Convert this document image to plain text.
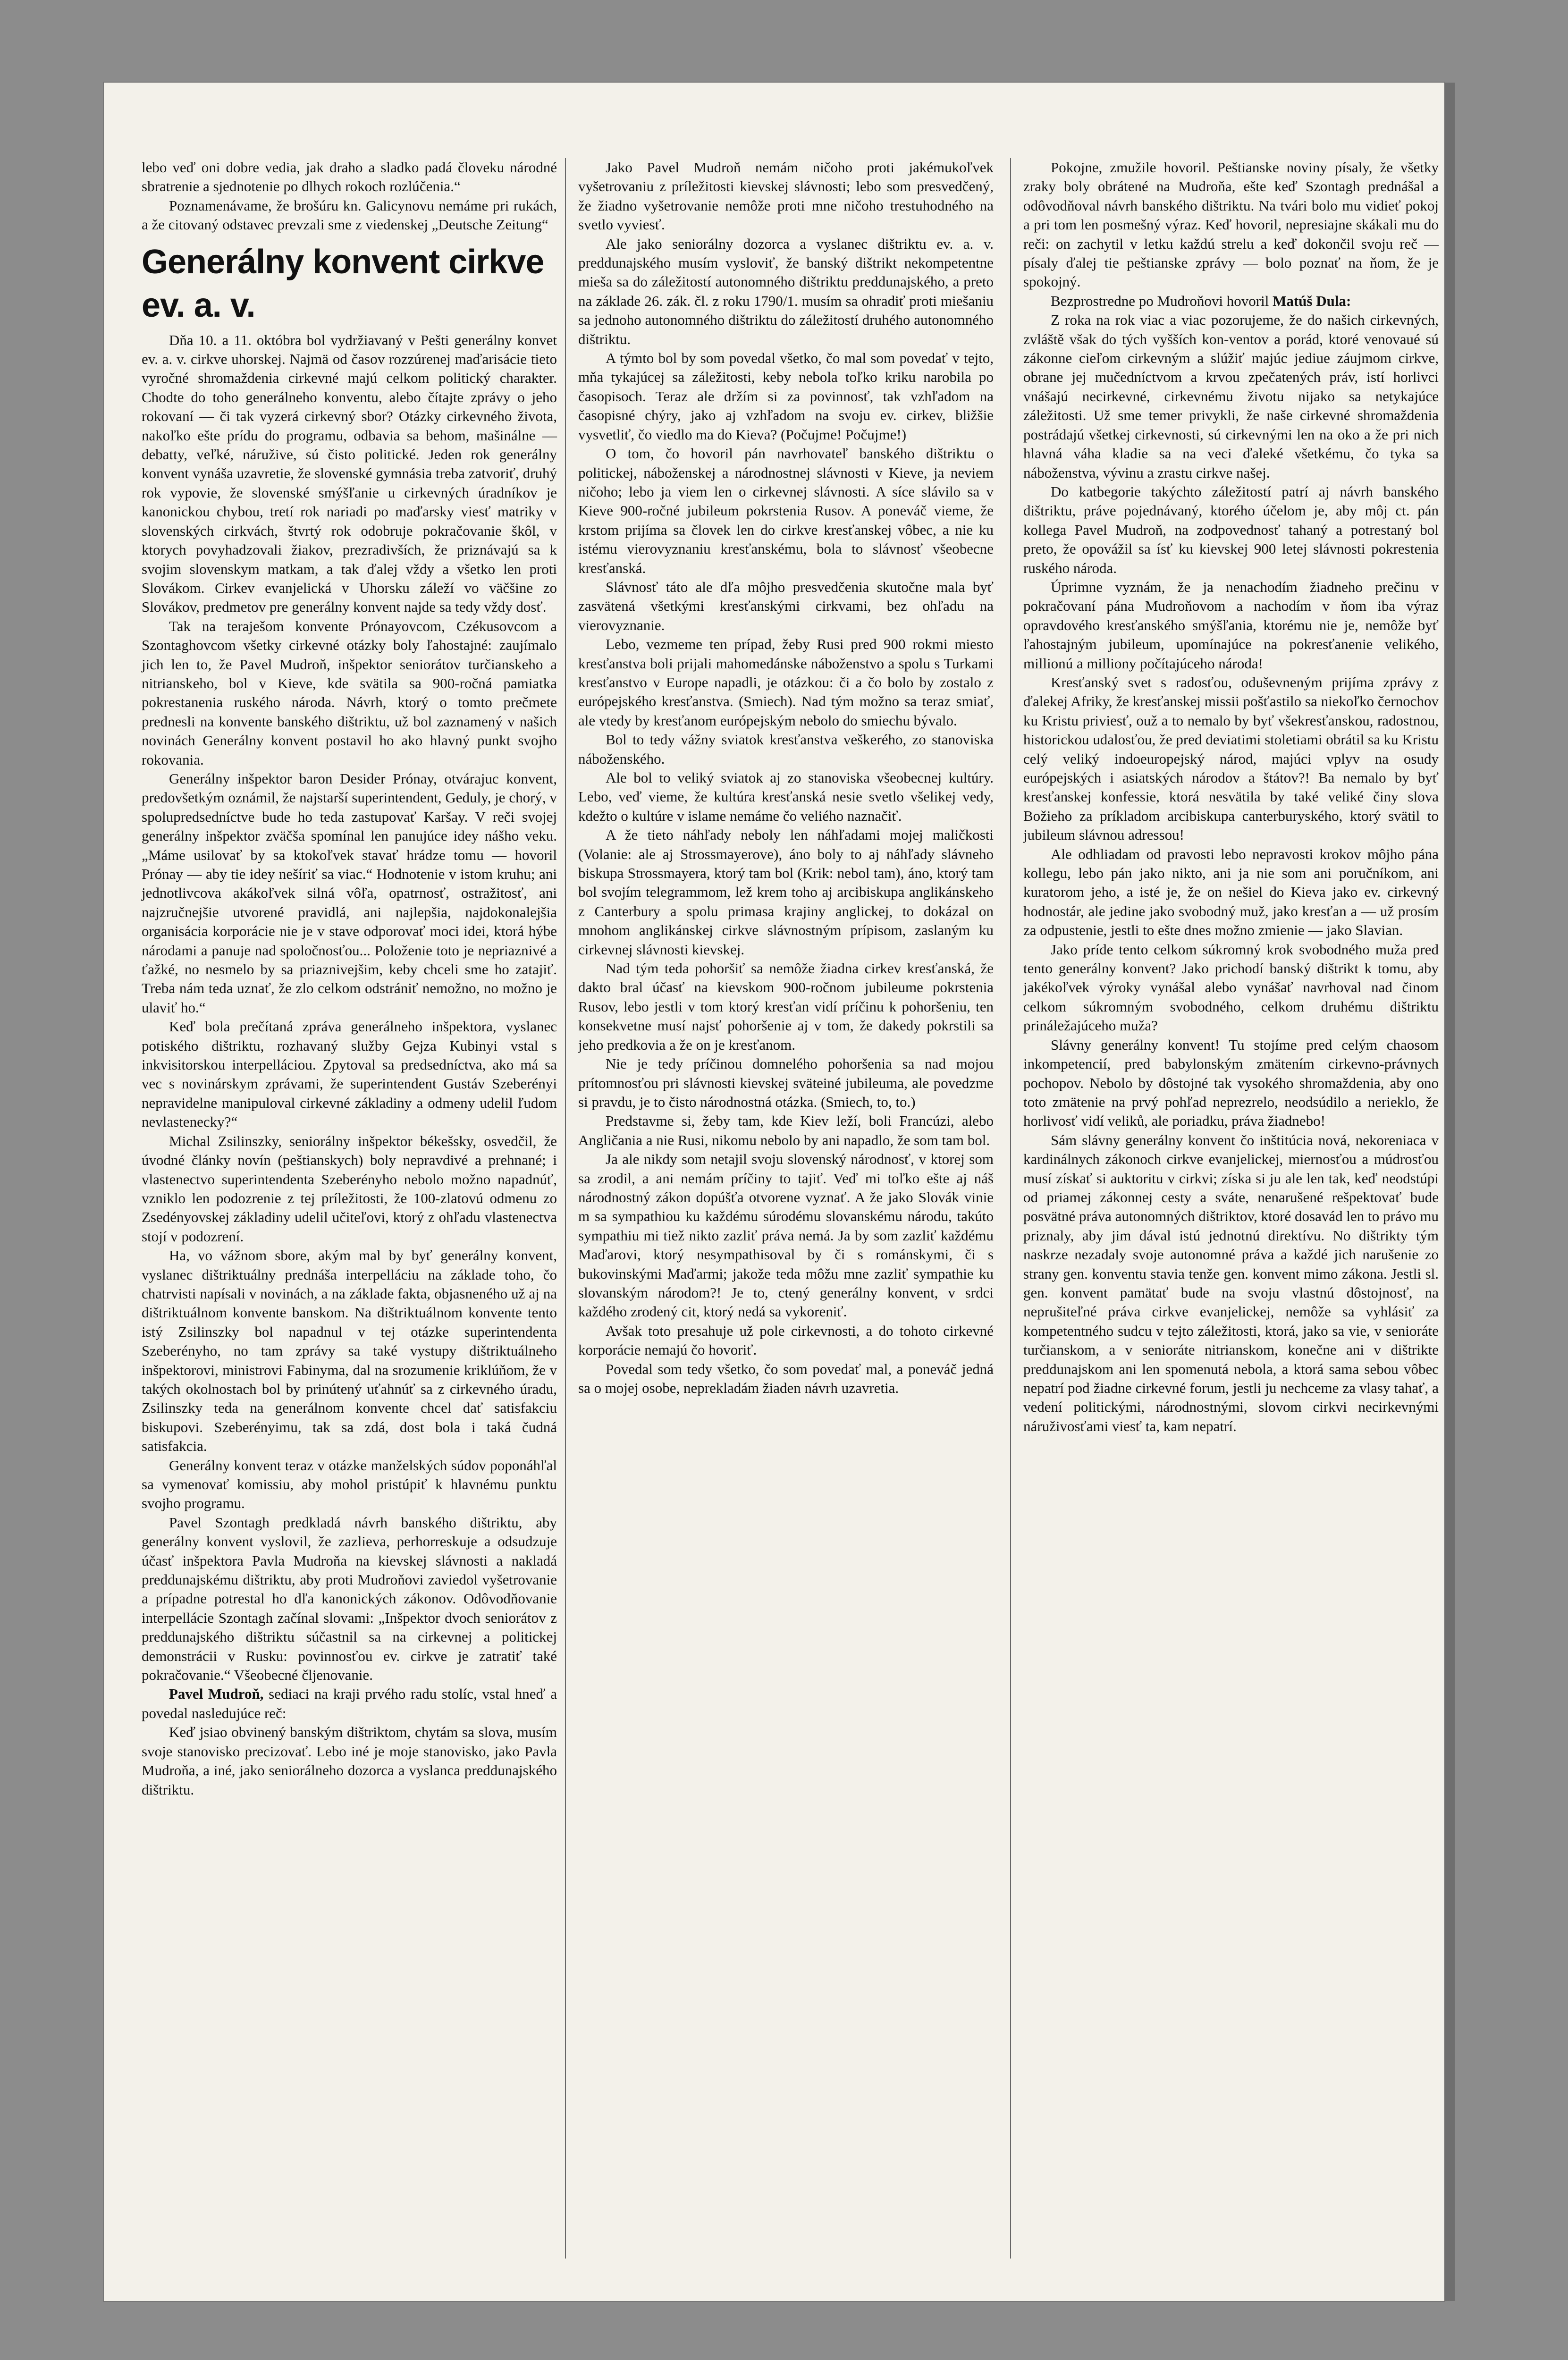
lebo veď oni dobre vedia, jak draho a sladko padá človeku národné sbratrenie a sjednotenie po dlhych rokoch rozlúčenia.“

Poznamenávame, že brošúru kn. Galicynovu nemáme pri rukách, a že citovaný odstavec prevzali sme z viedenskej „Deutsche Zeitung“

Generálny konvent cirkve ev. a. v.

Dňa 10. a 11. októbra bol vydržiavaný v Pešti generálny konvet ev. a. v. cirkve uhorskej. Najmä od časov rozzúrenej maďarisácie tieto vyročné shromaždenia cirkevné majú celkom politický charakter. Chodte do toho generálneho konventu, alebo čítajte zprávy o jeho rokovaní — či tak vyzerá cirkevný sbor? Otázky cirkevného života, nakoľko ešte prídu do programu, odbavia sa behom, mašinálne — debatty, veľké, náružive, sú čisto politické. Jeden rok generálny konvent vynáša uzavretie, že slovenské gymnásia treba zatvoriť, druhý rok vypovie, že slovenské smýšľanie u cirkevných úradníkov je kanonickou chybou, tretí rok nariadi po maďarsky viesť matriky v slovenských cirkvách, štvrtý rok odobruje pokračovanie škôl, v ktorych povyhadzovali žiakov, prezradivších, že priznávajú sa k svojim slovenskym matkam, a tak ďalej vždy a všetko len proti Slovákom. Cirkev evanjelická v Uhorsku záleží vo väčšine zo Slovákov, predmetov pre generálny konvent najde sa tedy vždy dosť.

Tak na teraješom konvente Prónayovcom, Czékusovcom a Szontaghovcom všetky cirkevné otázky boly ľahostajné: zaujímalo jich len to, že Pavel Mudroň, inšpektor seniorátov turčianskeho a nitrianskeho, bol v Kieve, kde svätila sa 900-ročná pamiatka pokrestanenia ruského národa. Návrh, ktorý o tomto prečmete prednesli na konvente banského dištriktu, už bol zaznamený v našich novinách Generálny konvent postavil ho ako hlavný punkt svojho rokovania.

Generálny inšpektor baron Desider Prónay, otvárajuc konvent, predovšetkým oznámil, že najstarší superintendent, Geduly, je chorý, v spolupredsedníctve bude ho teda zastupovať Karšay. V reči svojej generálny inšpektor zväčša spomínal len panujúce idey nášho veku. „Máme usilovať by sa ktokoľvek stavať hrádze tomu — hovoril Prónay — aby tie idey nešíriť sa viac.“ Hodnotenie v istom kruhu; ani jednotlivcova akákoľvek silná vôľa, opatrnosť, ostražitosť, ani najzručnejšie utvorené pravidlá, ani najlepšia, najdokonalejšia organisácia korporácie nie je v stave odporovať moci idei, ktorá hýbe národami a panuje nad spoločnosťou... Položenie toto je nepriaznivé a ťažké, no nesmelo by sa priaznivejšim, keby chceli sme ho zatajiť. Treba nám teda uznať, že zlo celkom odstrániť nemožno, no možno je ulaviť ho.“

Keď bola prečítaná zpráva generálneho inšpektora, vyslanec potiského dištriktu, rozhavaný služby Gejza Kubinyi vstal s inkvisitorskou interpelláciou. Zpytoval sa predsedníctva, ako má sa vec s novinárskym zprávami, že superintendent Gustáv Szeberényi nepravidelne manipuloval cirkevné základiny a odmeny udelil ľudom nevlastenecky?“

Michal Zsilinszky, seniorálny inšpektor békešsky, osvedčil, že úvodné články novín (peštianskych) boly nepravdivé a prehnané; i vlastenectvo superintendenta Szeberényho nebolo možno napadnúť, vzniklo len podozrenie z tej príležitosti, že 100-zlatovú odmenu zo Zsedényovskej základiny udelil učiteľovi, ktorý z ohľadu vlastenectva stojí v podozrení.

Ha, vo vážnom sbore, akým mal by byť generálny konvent, vyslanec dištriktuálny prednáša interpelláciu na základe toho, čo chatrvisti napísali v novinách, a na základe fakta, objasneného už aj na dištriktuálnom konvente banskom. Na dištriktuálnom konvente tento istý Zsilinszky bol napadnul v tej otázke superintendenta Szeberényho, no tam zprávy sa také vystupy dištriktuálneho inšpektorovi, ministrovi Fabinyma, dal na srozumenie kriklúňom, že v takých okolnostach bol by prinútený uťahnúť sa z cirkevného úradu, Zsilinszky teda na generálnom konvente chcel dať satisfakciu biskupovi. Szeberényimu, tak sa zdá, dost bola i taká čudná satisfakcia.

Generálny konvent teraz v otázke manželských súdov poponáhľal sa vymenovať komissiu, aby mohol pristúpiť k hlavnému punktu svojho programu.

Pavel Szontagh predkladá návrh banského dištriktu, aby generálny konvent vyslovil, že zazlieva, perhorreskuje a odsudzuje účasť inšpektora Pavla Mudroňa na kievskej slávnosti a nakladá preddunajskému dištriktu, aby proti Mudroňovi zaviedol vyšetrovanie a prípadne potrestal ho dľa kanonických zákonov. Odôvodňovanie interpellácie Szontagh začínal slovami: „Inšpektor dvoch seniorátov z preddunajského dištriktu súčastnil sa na cirkevnej a politickej demonstrácii v Rusku: povinnosťou ev. cirkve je zatratiť také pokračovanie.“ Všeobecné čljenovanie.

Pavel Mudroň, sediaci na kraji prvého radu stolíc, vstal hneď a povedal nasledujúce reč:

Keď jsiao obvinený banským dištriktom, chytám sa slova, musím svoje stanovisko precizovať. Lebo iné je moje stanovisko, jako Pavla Mudroňa, a iné, jako seniorálneho dozorca a vyslanca preddunajského dištriktu.

Jako Pavel Mudroň nemám ničoho proti jakémukoľvek vyšetrovaniu z príležitosti kievskej slávnosti; lebo som presvedčený, že žiadno vyšetrovanie nemôže proti mne ničoho trestuhodného na svetlo vyviesť.

Ale jako seniorálny dozorca a vyslanec dištriktu ev. a. v. preddunajského musím vysloviť, že banský dištrikt nekompetentne mieša sa do záležitostí autonomného dištriktu preddunajského, a preto na základe 26. zák. čl. z roku 1790/1. musím sa ohradiť proti miešaniu sa jednoho autonomného dištriktu do záležitostí druhého autonomného dištriktu.

A týmto bol by som povedal všetko, čo mal som povedať v tejto, mňa tykajúcej sa záležitosti, keby nebola toľko kriku narobila po časopisoch. Teraz ale držím si za povinnosť, tak vzhľadom na časopisné chýry, jako aj vzhľadom na svoju ev. cirkev, bližšie vysvetliť, čo viedlo ma do Kieva? (Počujme! Počujme!)

O tom, čo hovoril pán navrhovateľ banského dištriktu o politickej, náboženskej a národnostnej slávnosti v Kieve, ja neviem ničoho; lebo ja viem len o cirkevnej slávnosti. A síce slávilo sa v Kieve 900-ročné jubileum pokrstenia Rusov. A poneváč vieme, že krstom prijíma sa človek len do cirkve kresťanskej vôbec, a nie ku istému vierovyznaniu kresťanskému, bola to slávnosť všeobecne kresťanská.

Slávnosť táto ale dľa môjho presvedčenia skutočne mala byť zasvätená všetkými kresťanskými cirkvami, bez ohľadu na vierovyznanie.

Lebo, vezmeme ten prípad, žeby Rusi pred 900 rokmi miesto kresťanstva boli prijali mahomedánske náboženstvo a spolu s Turkami kresťanstvo v Europe napadli, je otázkou: či a čo bolo by zostalo z európejského kresťanstva. (Smiech). Nad tým možno sa teraz smiať, ale vtedy by kresťanom európejským nebolo do smiechu bývalo.

Bol to tedy vážny sviatok kresťanstva veškerého, zo stanoviska náboženského.

Ale bol to veliký sviatok aj zo stanoviska všeobecnej kultúry. Lebo, veď vieme, že kultúra kresťanská nesie svetlo všelikej vedy, kdežto o kultúre v islame nemáme čo veliého naznačiť.

A že tieto náhľady neboly len náhľadami mojej maličkosti (Volanie: ale aj Strossmayerove), áno boly to aj náhľady slávneho biskupa Strossmayera, ktorý tam bol (Krik: nebol tam), áno, ktorý tam bol svojím telegrammom, lež krem toho aj arcibiskupa anglikánskeho z Canterbury a spolu primasa krajiny anglickej, to dokázal on mnohom anglikánskej cirkve slávnostným prípisom, zaslaným ku cirkevnej slávnosti kievskej.

Nad tým teda pohoršiť sa nemôže žiadna cirkev kresťanská, že dakto bral účasť na kievskom 900-ročnom jubileume pokrstenia Rusov, lebo jestli v tom ktorý kresťan vidí príčinu k pohoršeniu, ten konsekvetne musí najsť pohoršenie aj v tom, že dakedy pokrstili sa jeho predkovia a že on je kresťanom.

Nie je tedy príčinou domnelého pohoršenia sa nad mojou prítomnosťou pri slávnosti kievskej sväteiné jubileuma, ale povedzme si pravdu, je to čisto národnostná otázka. (Smiech, to, to.)

Predstavme si, žeby tam, kde Kiev leží, boli Francúzi, alebo Angličania a nie Rusi, nikomu nebolo by ani napadlo, že som tam bol.

Ja ale nikdy som netajil svoju slovenský národnosť, v ktorej som sa zrodil, a ani nemám príčiny to tajiť. Veď mi toľko ešte aj náš národnostný zákon dopúšťa otvorene vyznať. A že jako Slovák vinie m sa sympathiou ku každému súrodému slovanskému národu, takúto sympathiu mi tiež nikto zazliť práva nemá. Ja by som zazliť každému Maďarovi, ktorý nesympathisoval by či s románskymi, či s bukovinskými Maďarmi; jakože teda môžu mne zazliť sympathie ku slovanským národom?! Je to, ctený generálny konvent, v srdci každého zrodený cit, ktorý nedá sa vykoreniť.

Avšak toto presahuje už pole cirkevnosti, a do tohoto cirkevné korporácie nemajú čo hovoriť.

Povedal som tedy všetko, čo som povedať mal, a poneváč jedná sa o mojej osobe, neprekladám žiaden návrh uzavretia.

Pokojne, zmužile hovoril. Peštianske noviny písaly, že všetky zraky boly obrátené na Mudroňa, ešte keď Szontagh prednášal a odôvodňoval návrh banského dištriktu. Na tvári bolo mu vidieť pokoj a pri tom len posmešný výraz. Keď hovoril, nepresiajne skákali mu do reči: on zachytil v letku každú strelu a keď dokončil svoju reč — písaly ďalej tie peštianske zprávy — bolo poznať na ňom, že je spokojný.

Bezprostredne po Mudroňovi hovoril Matúš Dula:

Z roka na rok viac a viac pozorujeme, že do našich cirkevných, zvláště však do tých vyšších kon-ventov a porád, ktoré venovaué sú zákonne cieľom cirkevným a slúžiť majúc jediue záujmom cirkve, obrane jej mučedníctvom a krvou zpečatených práv, istí horlivci vnášajú necirkevné, cirkevnému životu nijako sa netykajúce záležitosti. Už sme temer privykli, že naše cirkevné shromaždenia postrádajú všetkej cirkevnosti, sú cirkevnými len na oko a že pri nich hlavná váha kladie sa na veci ďaleké všetkému, čo tyka sa náboženstva, vývinu a zrastu cirkve našej.

Do katbegorie takýchto záležitostí patrí aj návrh banského dištriktu, práve pojednávaný, ktorého účelom je, aby môj ct. pán kollega Pavel Mudroň, na zodpovednosť tahaný a potrestaný bol preto, že opovážil sa ísť ku kievskej 900 letej slávnosti pokrestenia ruského národa.

Úprimne vyznám, že ja nenachodím žiadneho prečinu v pokračovaní pána Mudroňovom a nachodím v ňom iba výraz opravdového kresťanského smýšľania, ktorému nie je, nemôže byť ľahostajným jubileum, upomínajúce na pokresťanenie velikého, millionú a milliony počítajúceho národa!

Kresťanský svet s radosťou, oduševneným prijíma zprávy z ďalekej Afriky, že kresťanskej missii pošťastilo sa niekoľko černochov ku Kristu priviesť, ouž a to nemalo by byť všekresťanskou, radostnou, historickou udalosťou, že pred deviatimi stoletiami obrátil sa ku Kristu celý veliký indoeuropejský národ, majúci vplyv na osudy európejských i asiatských národov a štátov?! Ba nemalo by byť kresťanskej konfessie, ktorá nesvätila by také veliké činy slova Božieho za príkladom arcibiskupa canterburyského, ktorý svätil to jubileum slávnou adressou!

Ale odhliadam od pravosti lebo nepravosti krokov môjho pána kollegu, lebo pán jako nikto, ani ja nie som ani poručníkom, ani kuratorom jeho, a isté je, že on nešiel do Kieva jako ev. cirkevný hodnostár, ale jedine jako svobodný muž, jako kresťan a — už prosím za odpustenie, jestli to ešte dnes možno zmienie — jako Slavian.

Jako príde tento celkom súkromný krok svobodného muža pred tento generálny konvent? Jako prichodí banský dištrikt k tomu, aby jakékoľvek výroky vynášal alebo vynášať navrhoval nad činom celkom súkromným svobodného, celkom druhému dištriktu prináležajúceho muža?

Slávny generálny konvent! Tu stojíme pred celým chaosom inkompetencií, pred babylonským zmätením cirkevno-právnych pochopov. Nebolo by dôstojné tak vysokého shromaždenia, aby ono toto zmätenie na prvý pohľad neprezrelo, neodsúdilo a nerieklo, že horlivosť vidí veliků, ale poriadku, práva žiadnebo!

Sám slávny generálny konvent čo inštitúcia nová, nekoreniaca v kardinálnych zákonoch cirkve evanjelickej, miernosťou a múdrosťou musí získať si auktoritu v cirkvi; získa si ju ale len tak, keď neodstúpi od priamej zákonnej cesty a sváte, nenarušené rešpektovať bude posvätné práva autonomných dištriktov, ktoré dosavád len to právo mu priznaly, aby jim dával istú jednotnú direktívu. No dištrikty tým naskrze nezadaly svoje autonomné práva a každé jich narušenie zo strany gen. konventu stavia tenže gen. konvent mimo zákona. Jestli sl. gen. konvent pamätať bude na svoju vlastnú dôstojnosť, na neprušiteľné práva cirkve evanjelickej, nemôže sa vyhlásiť za kompetentného sudcu v tejto záležitosti, ktorá, jako sa vie, v senioráte turčianskom, a v senioráte nitrianskom, konečne ani v dištrikte preddunajskom ani len spomenutá nebola, a ktorá sama sebou vôbec nepatrí pod žiadne cirkevné forum, jestli ju nechceme za vlasy tahať, a vedení politickými, národnostnými, slovom cirkvi necirkevnými náruživosťami viesť ta, kam nepatrí.
